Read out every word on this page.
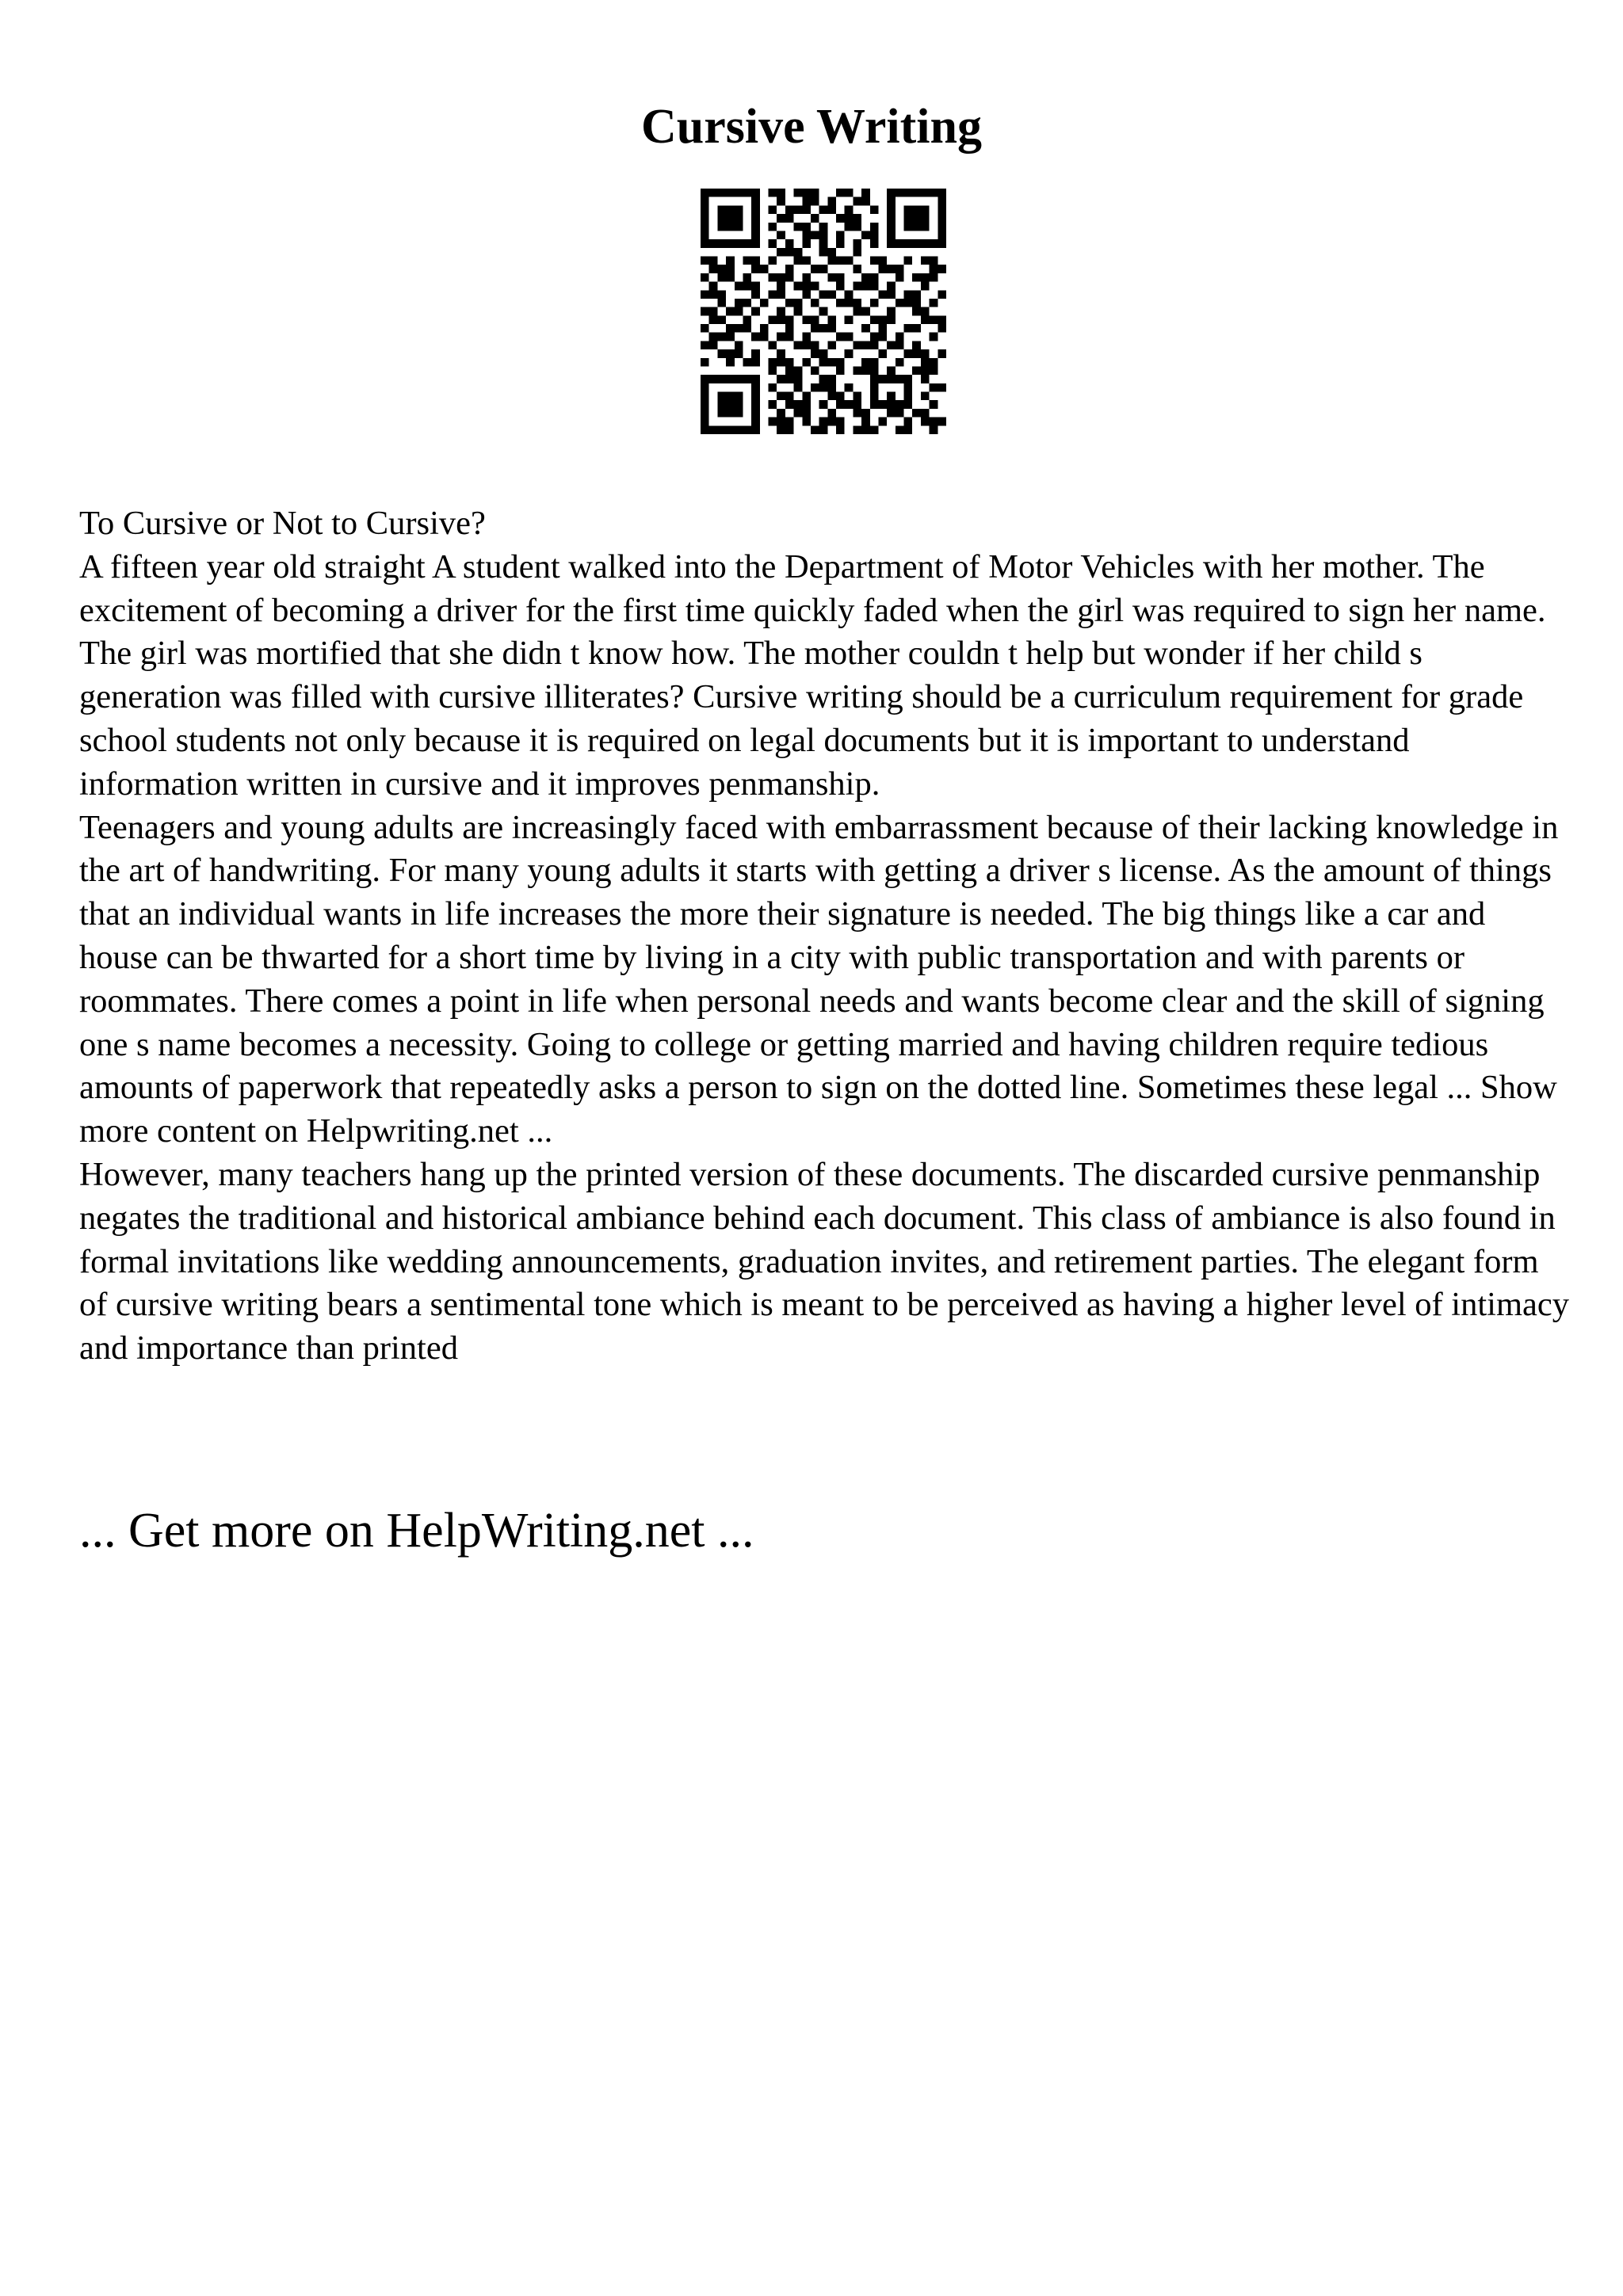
Cursive Writing

To Cursive or Not to Cursive?

A fifteen year old straight A student walked into the Department of Motor Vehicles with her mother. The excitement of becoming a driver for the first time quickly faded when the girl was required to sign her name. The girl was mortified that she didn t know how. The mother couldn t help but wonder if her child s generation was filled with cursive illiterates? Cursive writing should be a curriculum requirement for grade school students not only because it is required on legal documents but it is important to understand information written in cursive and it improves penmanship.

Teenagers and young adults are increasingly faced with embarrassment because of their lacking knowledge in the art of handwriting. For many young adults it starts with getting a driver s license. As the amount of things that an individual wants in life increases the more their signature is needed. The big things like a car and house can be thwarted for a short time by living in a city with public transportation and with parents or roommates. There comes a point in life when personal needs and wants become clear and the skill of signing one s name becomes a necessity. Going to college or getting married and having children require tedious amounts of paperwork that repeatedly asks a person to sign on the dotted line. Sometimes these legal ... Show more content on Helpwriting.net ...

However, many teachers hang up the printed version of these documents. The discarded cursive penmanship negates the traditional and historical ambiance behind each document. This class of ambiance is also found in formal invitations like wedding announcements, graduation invites, and retirement parties. The elegant form of cursive writing bears a sentimental tone which is meant to be perceived as having a higher level of intimacy and importance than printed

... Get more on HelpWriting.net ...
